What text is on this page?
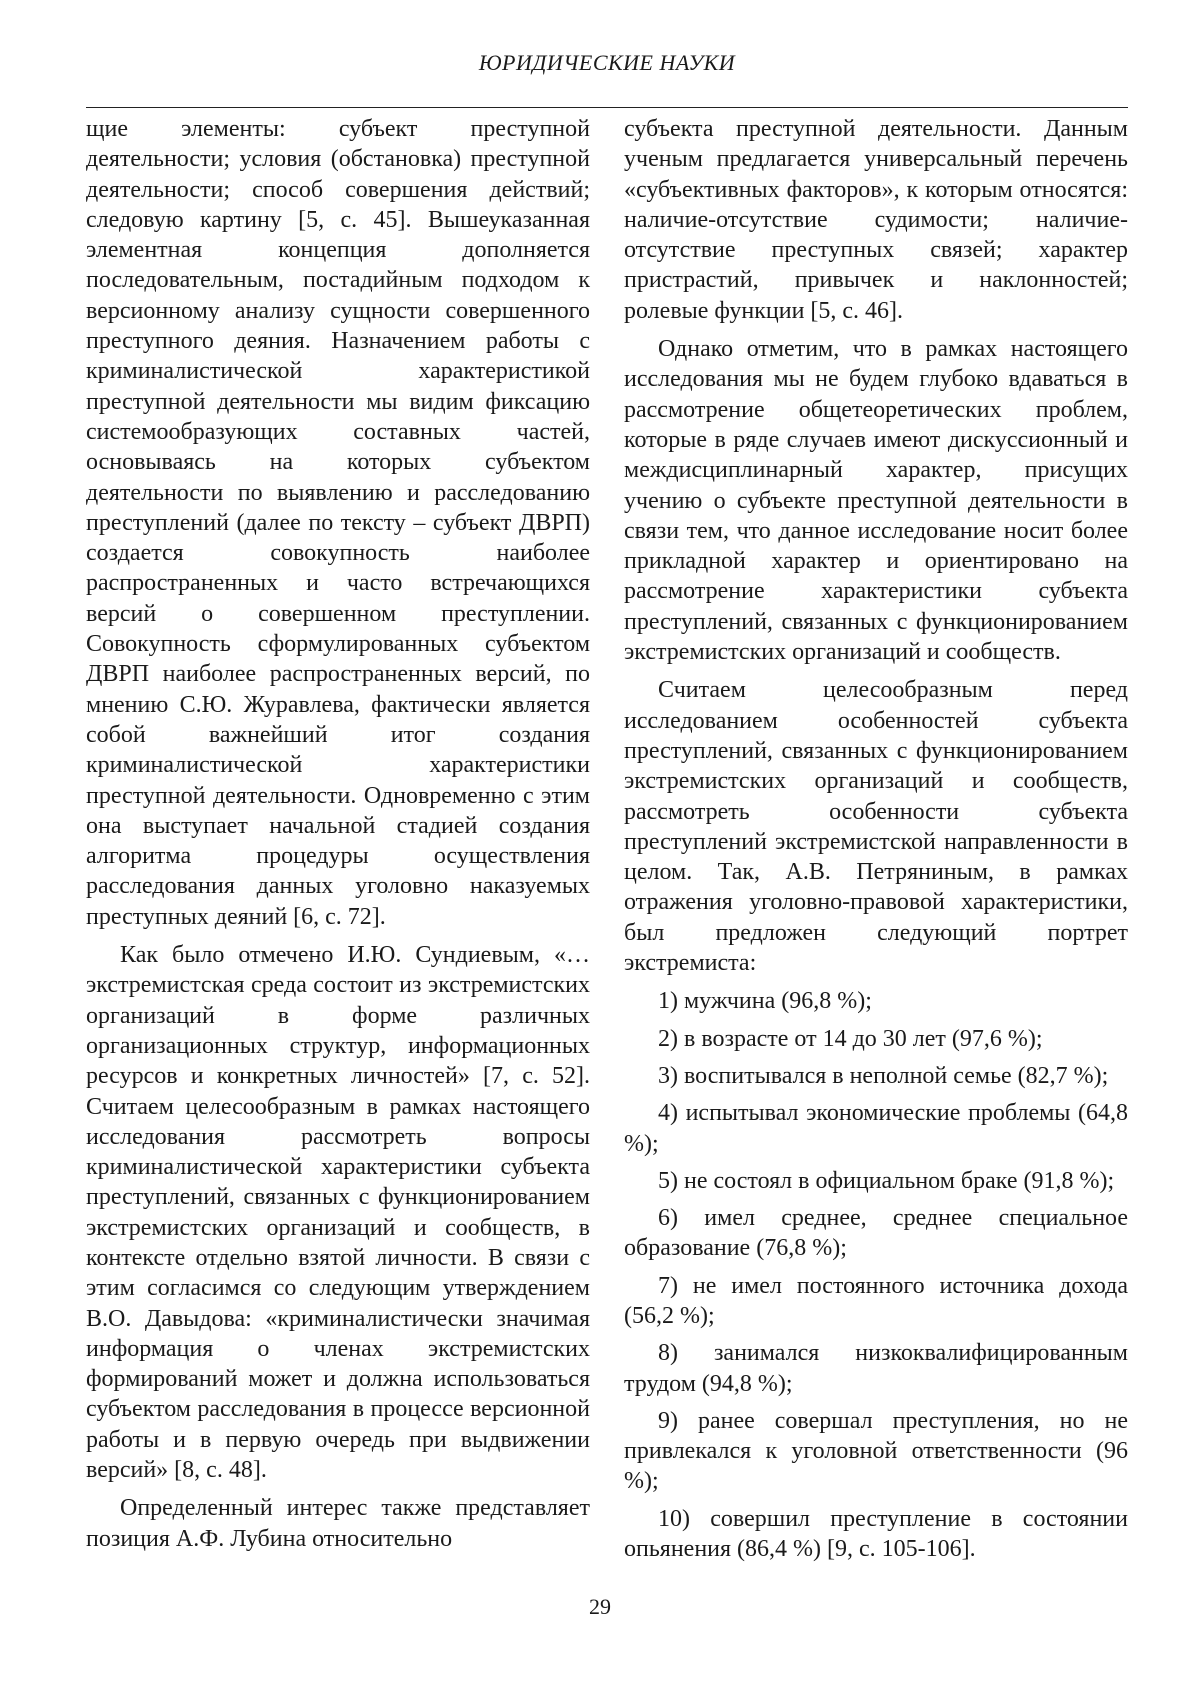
ЮРИДИЧЕСКИЕ НАУКИ

щие элементы: субъект преступной деятельности; условия (обстановка) преступной деятельности; способ совершения действий; следовую картину [5, с. 45]. Вышеуказанная элементная концепция дополняется последовательным, постадийным подходом к версионному анализу сущности совершенного преступного деяния. Назначением работы с криминалистической характеристикой преступной деятельности мы видим фиксацию системообразующих составных частей, основываясь на которых субъектом деятельности по выявлению и расследованию преступлений (далее по тексту – субъект ДВРП) создается совокупность наиболее распространенных и часто встречающихся версий о совершенном преступлении. Совокупность сформулированных субъектом ДВРП наиболее распространенных версий, по мнению С.Ю. Журавлева, фактически является собой важнейший итог создания криминалистической характеристики преступной деятельности. Одновременно с этим она выступает начальной стадией создания алгоритма процедуры осуществления расследования данных уголовно наказуемых преступных деяний [6, с. 72].

Как было отмечено И.Ю. Сундиевым, «…экстремистская среда состоит из экстремистских организаций в форме различных организационных структур, информационных ресурсов и конкретных личностей» [7, с. 52]. Считаем целесообразным в рамках настоящего исследования рассмотреть вопросы криминалистической характеристики субъекта преступлений, связанных с функционированием экстремистских организаций и сообществ, в контексте отдельно взятой личности. В связи с этим согласимся со следующим утверждением В.О. Давыдова: «криминалистически значимая информация о членах экстремистских формирований может и должна использоваться субъектом расследования в процессе версионной работы и в первую очередь при выдвижении версий» [8, с. 48].

Определенный интерес также представляет позиция А.Ф. Лубина относительно

субъекта преступной деятельности. Данным ученым предлагается универсальный перечень «субъективных факторов», к которым относятся: наличие-отсутствие судимости; наличие-отсутствие преступных связей; характер пристрастий, привычек и наклонностей; ролевые функции [5, с. 46].

Однако отметим, что в рамках настоящего исследования мы не будем глубоко вдаваться в рассмотрение общетеоретических проблем, которые в ряде случаев имеют дискуссионный и междисциплинарный характер, присущих учению о субъекте преступной деятельности в связи тем, что данное исследование носит более прикладной характер и ориентировано на рассмотрение характеристики субъекта преступлений, связанных с функционированием экстремистских организаций и сообществ.

Считаем целесообразным перед исследованием особенностей субъекта преступлений, связанных с функционированием экстремистских организаций и сообществ, рассмотреть особенности субъекта преступлений экстремистской направленности в целом. Так, А.В. Петряниным, в рамках отражения уголовно-правовой характеристики, был предложен следующий портрет экстремиста:

1) мужчина (96,8 %);
2) в возрасте от 14 до 30 лет (97,6 %);
3) воспитывался в неполной семье (82,7 %);
4) испытывал экономические проблемы (64,8 %);
5) не состоял в официальном браке (91,8 %);
6) имел среднее, среднее специальное образование (76,8 %);
7) не имел постоянного источника дохода (56,2 %);
8) занимался низкоквалифицированным трудом (94,8 %);
9) ранее совершал преступления, но не привлекался к уголовной ответственности (96 %);
10) совершил преступление в состоянии опьянения (86,4 %) [9, с. 105-106].
29
